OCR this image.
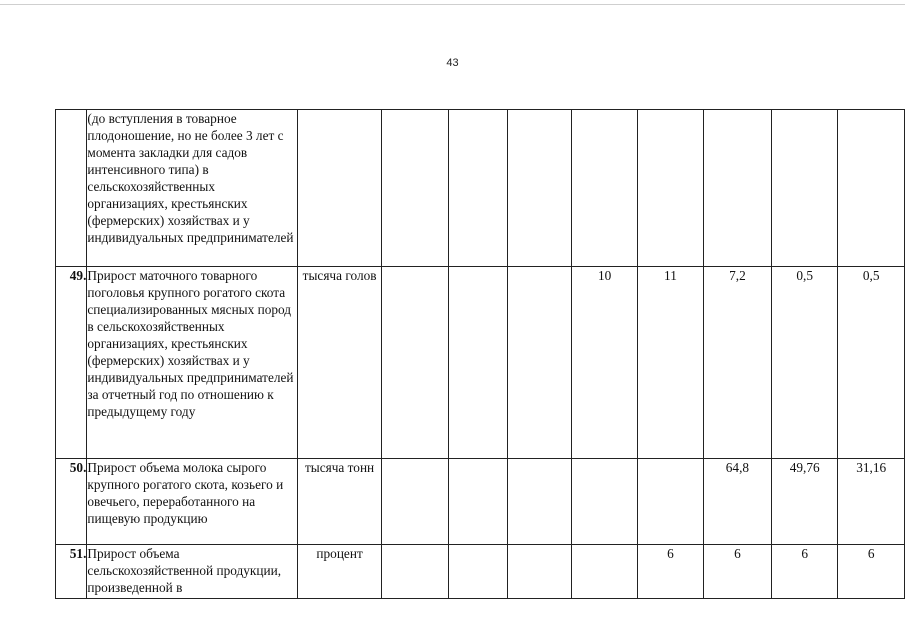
43
	(до вступления в товарное плодоношение, но не более 3 лет с момента закладки для садов интенсивного типа) в сельскохозяйственных организациях, крестьянских (фермерских) хозяйствах и у индивидуальных предпринимателей									
49.	Прирост маточного товарного поголовья крупного рогатого скота специализированных мясных пород в сельскохозяйственных организациях, крестьянских (фермерских) хозяйствах и у индивидуальных предпринимателей за отчетный год по отношению к предыдущему году	тысяча голов				10	11	7,2	0,5	0,5
50.	Прирост объема молока сырого крупного рогатого скота, козьего и овечьего, переработанного на пищевую продукцию	тысяча тонн						64,8	49,76	31,16
51.	Прирост объема сельскохозяйственной продукции, произведенной в	процент					6	6	6	6
